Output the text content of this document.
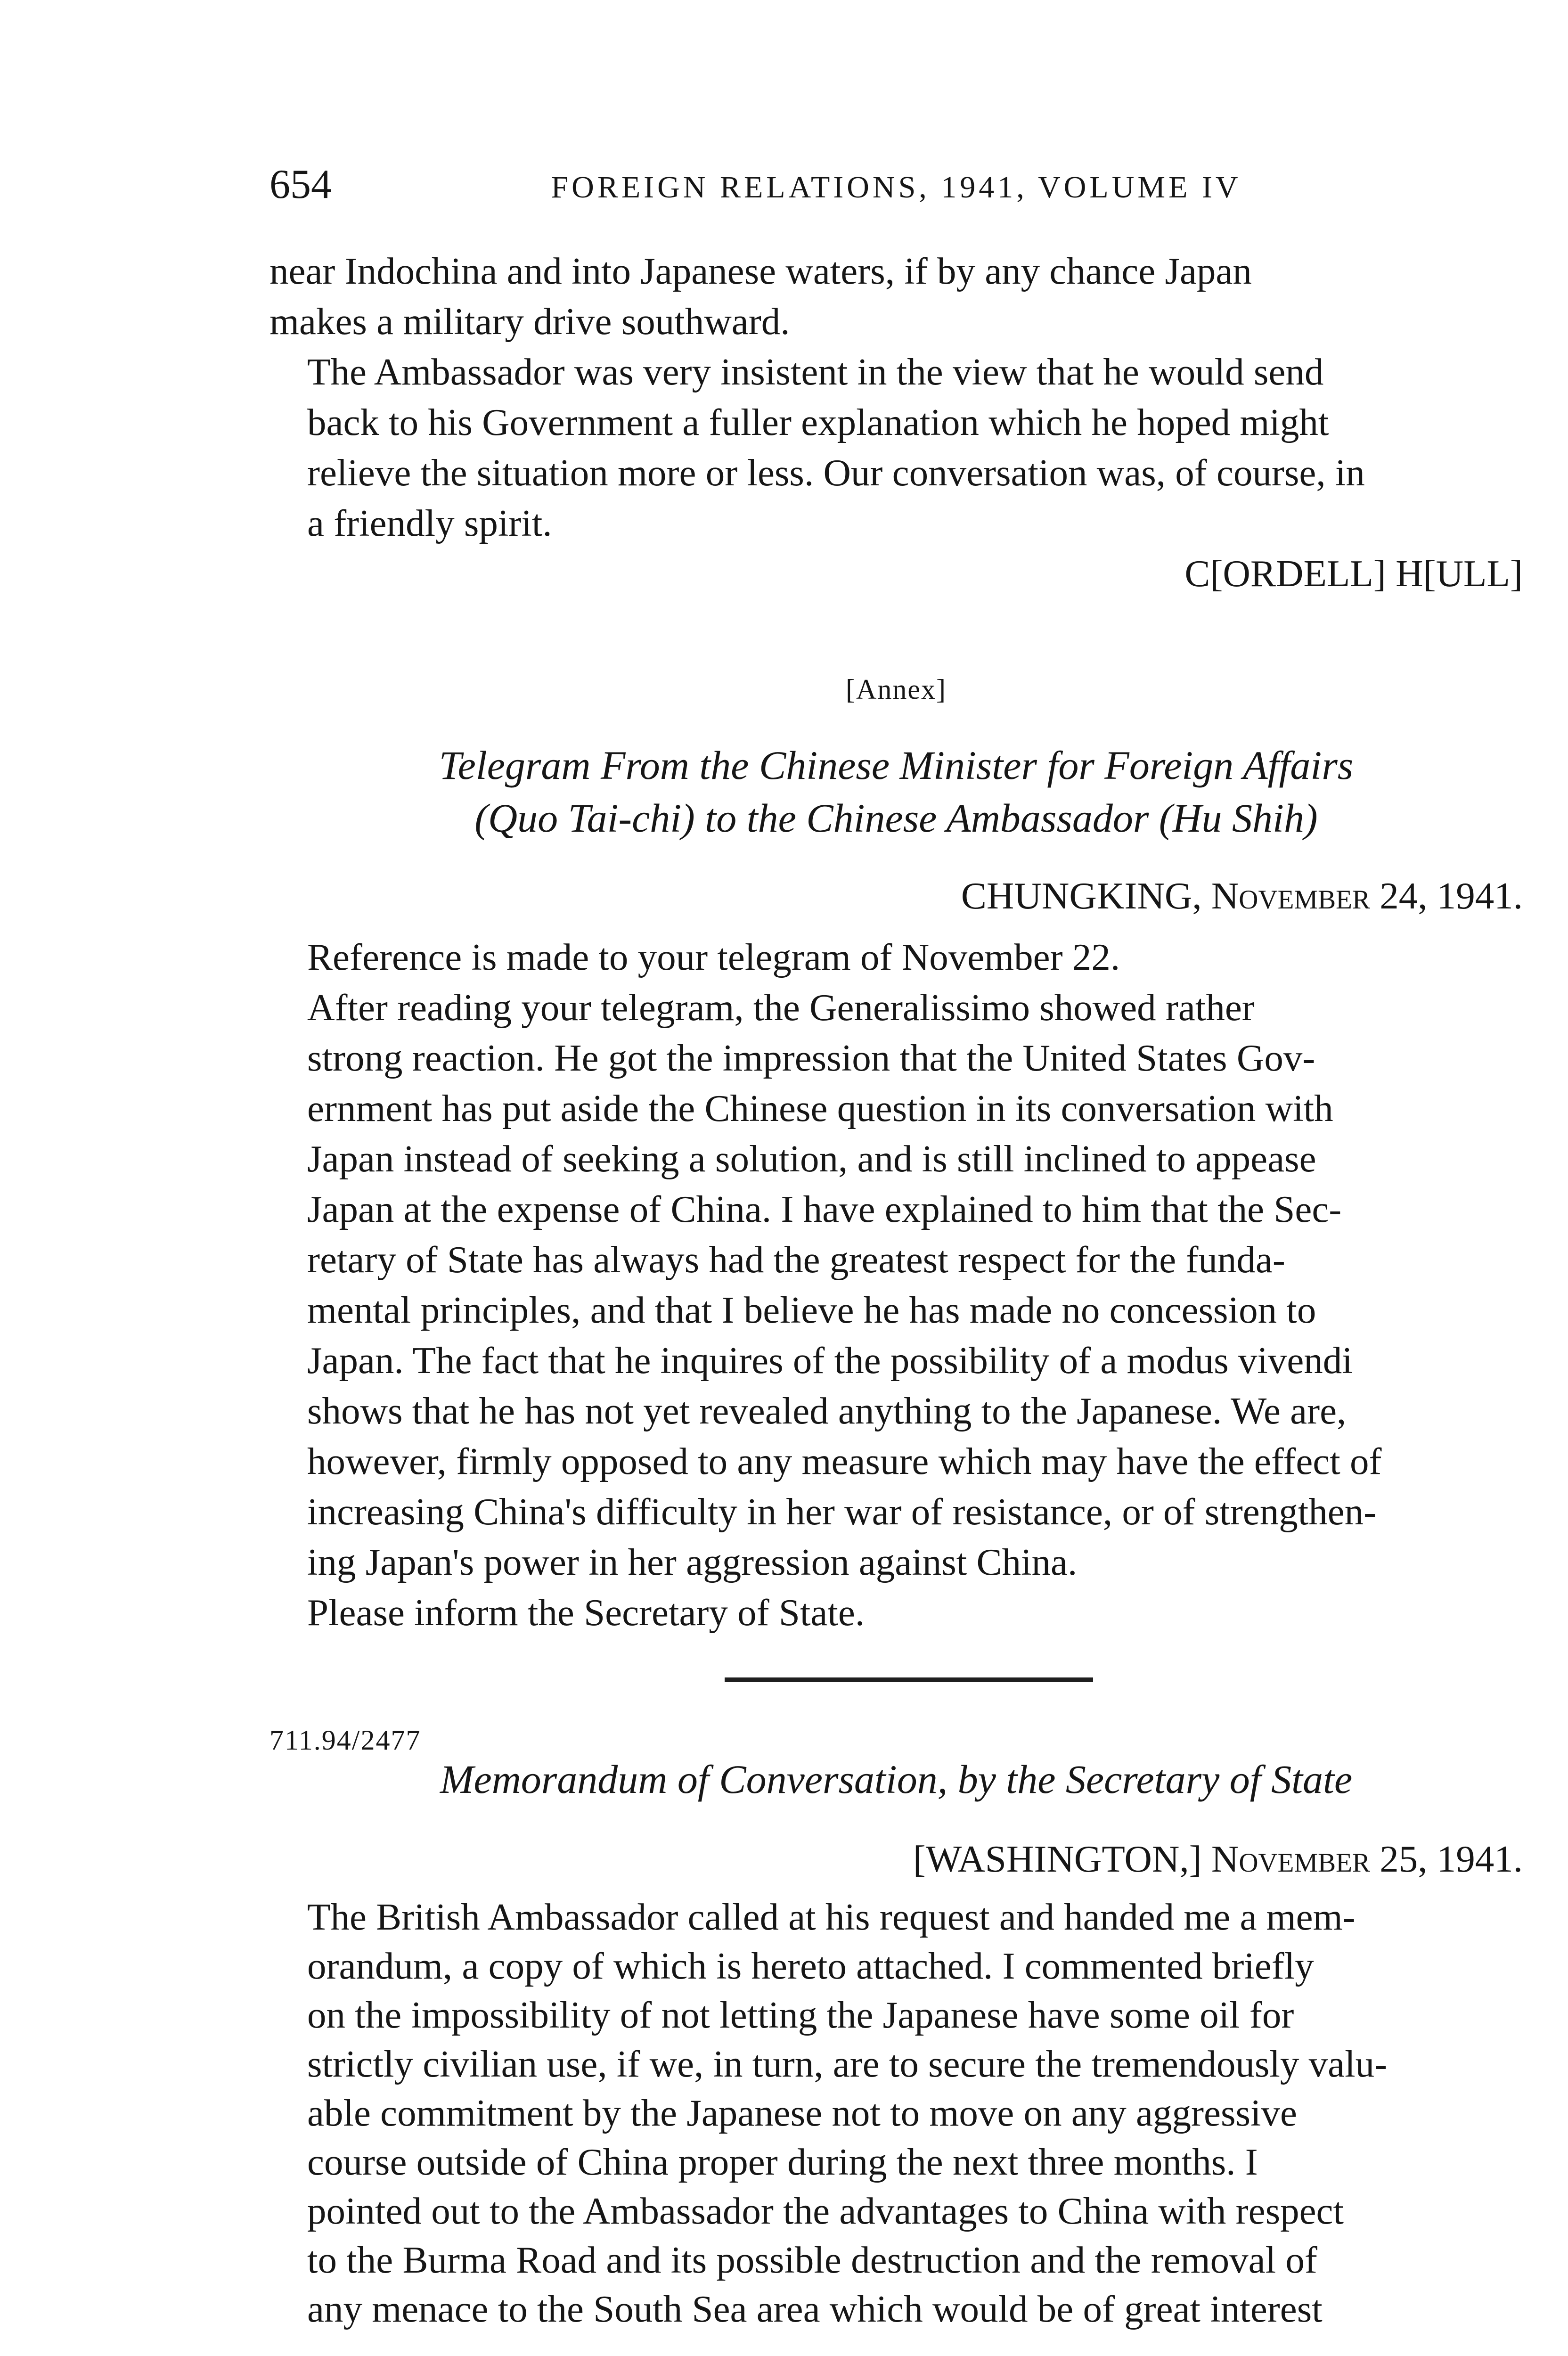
654	FOREIGN RELATIONS, 1941, VOLUME IV

near Indochina and into Japanese waters, if by any chance Japan
makes a military drive southward.

The Ambassador was very insistent in the view that he would send
back to his Government a fuller explanation which he hoped might
relieve the situation more or less. Our conversation was, of course, in
a friendly spirit.

C[ORDELL] H[ULL]

[Annex]
Telegram From the Chinese Minister for Foreign Affairs
(Quo Tai-chi) to the Chinese Ambassador (Hu Shih)
CHUNGKING, November 24, 1941.

Reference is made to your telegram of November 22.

After reading your telegram, the Generalissimo showed rather
strong reaction. He got the impression that the United States Gov-
ernment has put aside the Chinese question in its conversation with
Japan instead of seeking a solution, and is still inclined to appease
Japan at the expense of China. I have explained to him that the Sec-
retary of State has always had the greatest respect for the funda-
mental principles, and that I believe he has made no concession to
Japan. The fact that he inquires of the possibility of a modus vivendi
shows that he has not yet revealed anything to the Japanese. We are,
however, firmly opposed to any measure which may have the effect of
increasing China's difficulty in her war of resistance, or of strengthen-
ing Japan's power in her aggression against China.

Please inform the Secretary of State.

711.94/2477
Memorandum of Conversation, by the Secretary of State
[WASHINGTON,] November 25, 1941.

The British Ambassador called at his request and handed me a mem-
orandum, a copy of which is hereto attached. I commented briefly
on the impossibility of not letting the Japanese have some oil for
strictly civilian use, if we, in turn, are to secure the tremendously valu-
able commitment by the Japanese not to move on any aggressive
course outside of China proper during the next three months. I
pointed out to the Ambassador the advantages to China with respect
to the Burma Road and its possible destruction and the removal of
any menace to the South Sea area which would be of great interest
